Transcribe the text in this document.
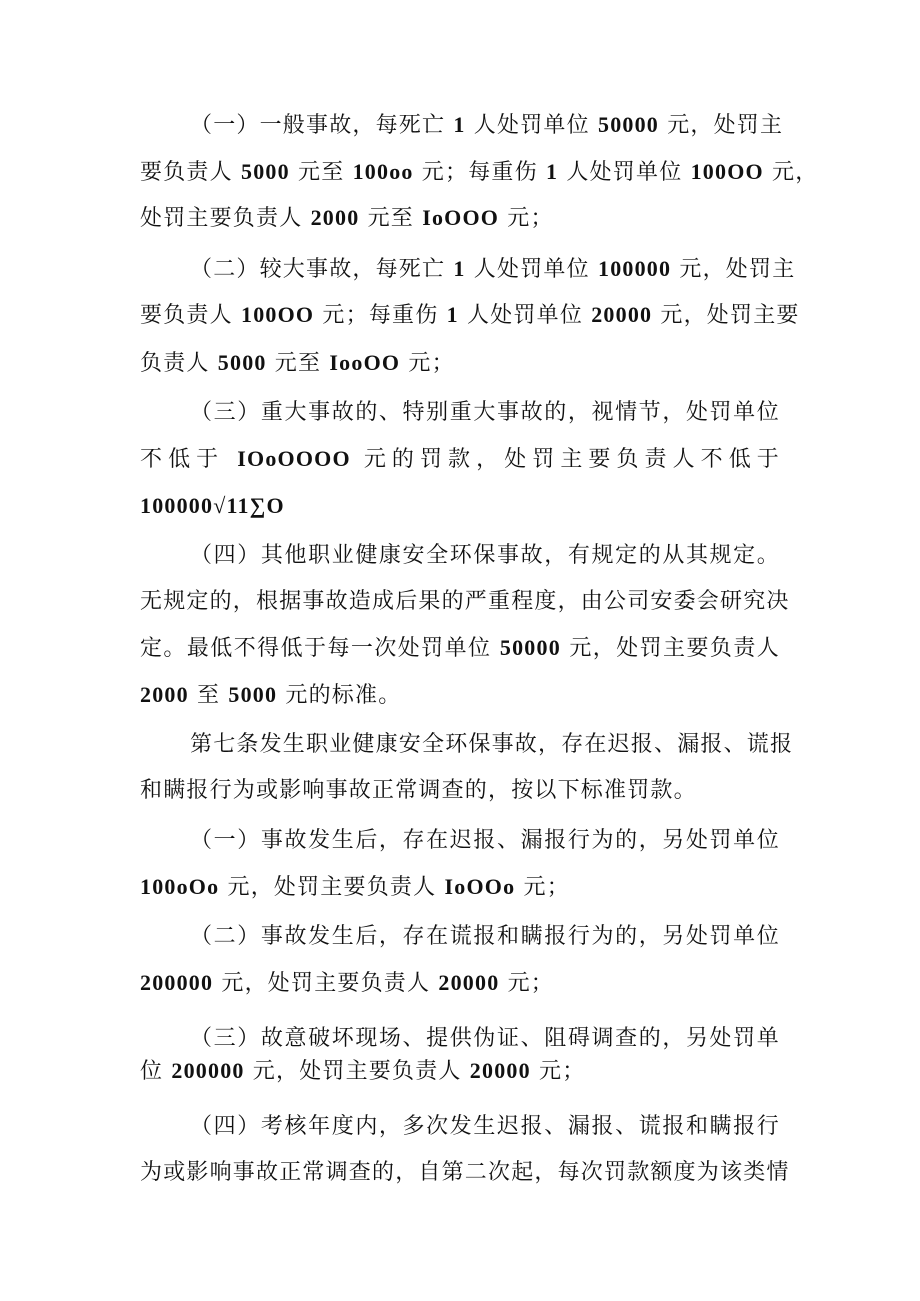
（一）一般事故，每死亡 1 人处罚单位 50000 元，处罚主
要负责人 5000 元至 100oo 元；每重伤 1 人处罚单位 100OO 元，
处罚主要负责人 2000 元至 IoOOO 元；
（二）较大事故，每死亡 1 人处罚单位 100000 元，处罚主
要负责人 100OO 元；每重伤 1 人处罚单位 20000 元，处罚主要
负责人 5000 元至 IooOO 元；
（三）重大事故的、特别重大事故的，视情节，处罚单位
不低于 IOoOOOO 元的罚款，处罚主要负责人不低于
100000√11∑O
（四）其他职业健康安全环保事故，有规定的从其规定。
无规定的，根据事故造成后果的严重程度，由公司安委会研究决
定。最低不得低于每一次处罚单位 50000 元，处罚主要负责人
2000 至 5000 元的标准。
第七条发生职业健康安全环保事故，存在迟报、漏报、谎报
和瞒报行为或影响事故正常调查的，按以下标准罚款。
（一）事故发生后，存在迟报、漏报行为的，另处罚单位
100oOo 元，处罚主要负责人 IoOOo 元；
（二）事故发生后，存在谎报和瞒报行为的，另处罚单位
200000 元，处罚主要负责人 20000 元；
（三）故意破坏现场、提供伪证、阻碍调查的，另处罚单
位 200000 元，处罚主要负责人 20000 元；
（四）考核年度内，多次发生迟报、漏报、谎报和瞒报行
为或影响事故正常调查的，自第二次起，每次罚款额度为该类情
